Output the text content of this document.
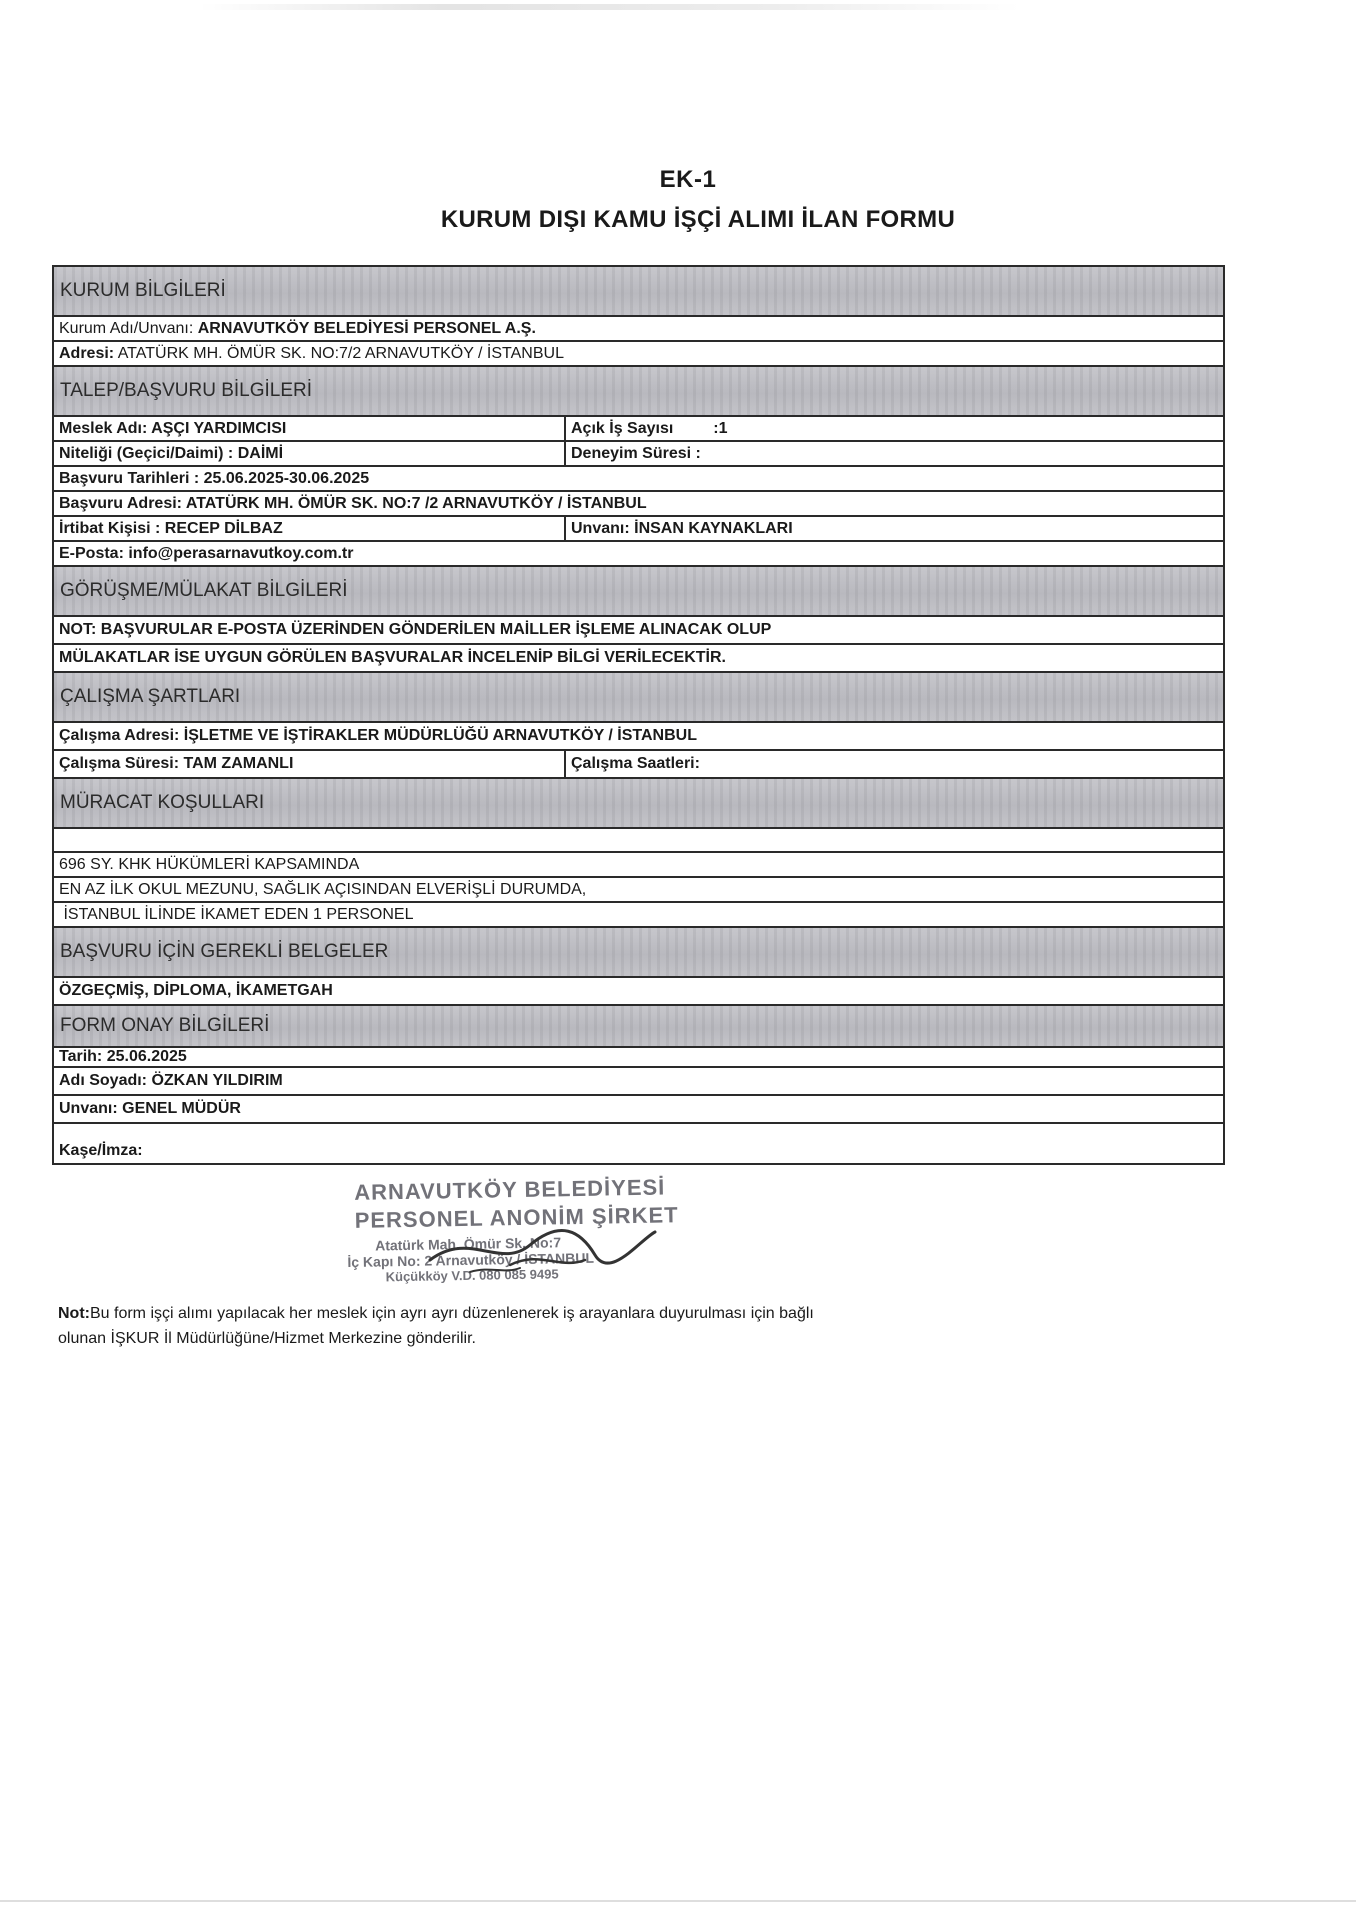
EK-1
KURUM DIŞI KAMU İŞÇİ ALIMI İLAN FORMU
KURUM BİLGİLERİ
Kurum Adı/Unvanı: ARNAVUTKÖY BELEDİYESİ PERSONEL A.Ş.
Adresi: ATATÜRK MH. ÖMÜR SK. NO:7/2 ARNAVUTKÖY / İSTANBUL
TALEP/BAŞVURU BİLGİLERİ
Meslek Adı: AŞÇI YARDIMCISI	Açık İş Sayısı	:1
Niteliği (Geçici/Daimi) : DAİMİ	Deneyim Süresi :
Başvuru Tarihleri : 25.06.2025-30.06.2025
Başvuru Adresi: ATATÜRK MH. ÖMÜR SK. NO:7 /2 ARNAVUTKÖY / İSTANBUL
İrtibat Kişisi : RECEP DİLBAZ	Unvanı: İNSAN KAYNAKLARI
E-Posta: info@perasarnavutkoy.com.tr
GÖRÜŞME/MÜLAKAT BİLGİLERİ
NOT: BAŞVURULAR E-POSTA ÜZERİNDEN GÖNDERİLEN MAİLLER İŞLEME ALINACAK OLUP
MÜLAKATLAR İSE UYGUN GÖRÜLEN BAŞVURALAR İNCELENİP BİLGİ VERİLECEKTİR.
ÇALIŞMA ŞARTLARI
Çalışma Adresi: İŞLETME VE İŞTİRAKLER MÜDÜRLÜĞÜ ARNAVUTKÖY / İSTANBUL
Çalışma Süresi: TAM ZAMANLI	Çalışma Saatleri:
MÜRACAT KOŞULLARI
696 SY. KHK HÜKÜMLERİ KAPSAMINDA
EN AZ İLK OKUL MEZUNU, SAĞLIK AÇISINDAN ELVERİŞLİ DURUMDA,
İSTANBUL İLİNDE İKAMET EDEN 1 PERSONEL
BAŞVURU İÇİN GEREKLİ BELGELER
ÖZGEÇMİŞ, DİPLOMA, İKAMETGAH
FORM ONAY BİLGİLERİ
Tarih: 25.06.2025
Adı Soyadı: ÖZKAN YILDIRIM
Unvanı: GENEL MÜDÜR
Kaşe/İmza:
ARNAVUTKÖY BELEDİYESİ
PERSONEL ANONİM ŞİRKET
Atatürk Mah. Ömür Sk. No:7
İç Kapı No: 2 Arnavutköy / İSTANBUL
Küçükköy V.D. 080 085 9495
Not:Bu form işçi alımı yapılacak her meslek için ayrı ayrı düzenlenerek iş arayanlara duyurulması için bağlı
olunan İŞKUR İl Müdürlüğüne/Hizmet Merkezine gönderilir.
